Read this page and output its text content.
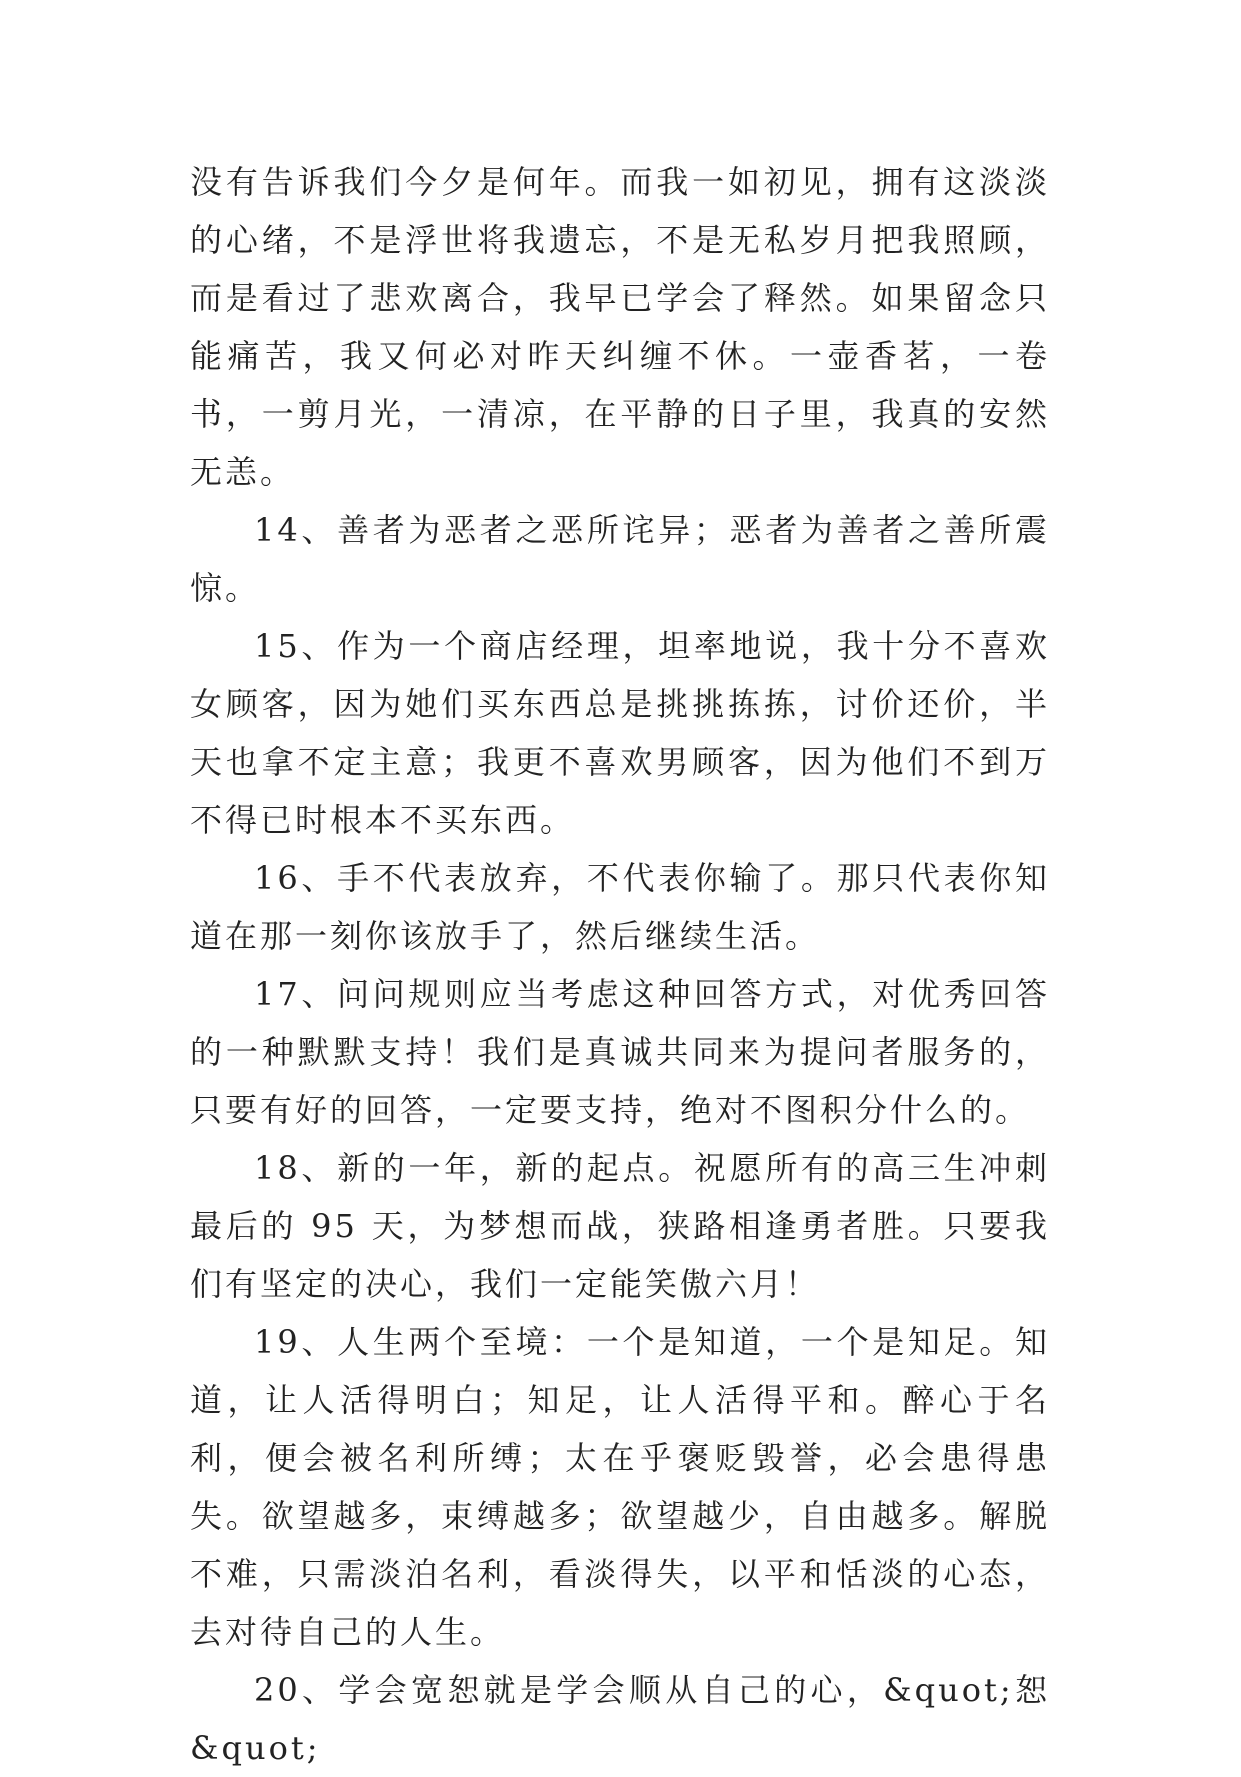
没有告诉我们今夕是何年。而我一如初见，拥有这淡淡的心绪，不是浮世将我遗忘，不是无私岁月把我照顾，而是看过了悲欢离合，我早已学会了释然。如果留念只能痛苦，我又何必对昨天纠缠不休。一壶香茗，一卷书，一剪月光，一清凉，在平静的日子里，我真的安然无恙。

14、善者为恶者之恶所诧异；恶者为善者之善所震惊。

15、作为一个商店经理，坦率地说，我十分不喜欢女顾客，因为她们买东西总是挑挑拣拣，讨价还价，半天也拿不定主意；我更不喜欢男顾客，因为他们不到万不得已时根本不买东西。

16、手不代表放弃，不代表你输了。那只代表你知道在那一刻你该放手了，然后继续生活。

17、问问规则应当考虑这种回答方式，对优秀回答的一种默默支持！我们是真诚共同来为提问者服务的，只要有好的回答，一定要支持，绝对不图积分什么的。

18、新的一年，新的起点。祝愿所有的高三生冲刺最后的 95 天，为梦想而战，狭路相逢勇者胜。只要我们有坚定的决心，我们一定能笑傲六月！

19、人生两个至境：一个是知道，一个是知足。知道，让人活得明白；知足，让人活得平和。醉心于名利，便会被名利所缚；太在乎褒贬毁誉，必会患得患失。欲望越多，束缚越多；欲望越少，自由越多。解脱不难，只需淡泊名利，看淡得失，以平和恬淡的心态，去对待自己的人生。

20、学会宽恕就是学会顺从自己的心，&quot;恕&quot;
